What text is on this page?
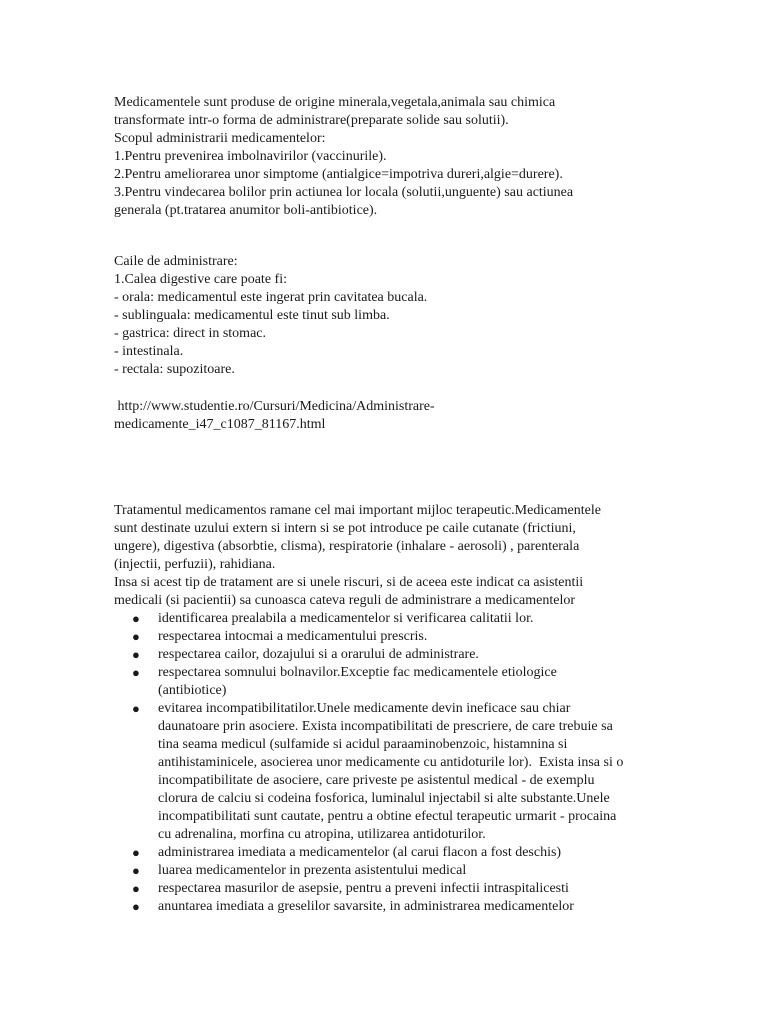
Medicamentele sunt produse de origine minerala,vegetala,animala sau chimica
transformate intr-o forma de administrare(preparate solide sau solutii).
Scopul administrarii medicamentelor:
1.Pentru prevenirea imbolnavirilor (vaccinurile).
2.Pentru ameliorarea unor simptome (antialgice=impotriva dureri,algie=durere).
3.Pentru vindecarea bolilor prin actiunea lor locala (solutii,unguente) sau actiunea
generala (pt.tratarea anumitor boli-antibiotice).
Caile de administrare:
1.Calea digestive care poate fi:
- orala: medicamentul este ingerat prin cavitatea bucala.
- sublinguala: medicamentul este tinut sub limba.
- gastrica: direct in stomac.
- intestinala.
- rectala: supozitoare.
http://www.studentie.ro/Cursuri/Medicina/Administrare-
medicamente_i47_c1087_81167.html
Tratamentul medicamentos ramane cel mai important mijloc terapeutic.Medicamentele
sunt destinate uzului extern si intern si se pot introduce pe caile cutanate (frictiuni,
ungere), digestiva (absorbtie, clisma), respiratorie (inhalare - aerosoli) , parenterala
(injectii, perfuzii), rahidiana.
Insa si acest tip de tratament are si unele riscuri, si de aceea este indicat ca asistentii
medicali (si pacientii) sa cunoasca cateva reguli de administrare a medicamentelor
● identificarea prealabila a medicamentelor si verificarea calitatii lor.
● respectarea intocmai a medicamentului prescris.
● respectarea cailor, dozajului si a orarului de administrare.
● respectarea somnului bolnavilor.Exceptie fac medicamentele etiologice
(antibiotice)
● evitarea incompatibilitatilor.Unele medicamente devin ineficace sau chiar
daunatoare prin asociere. Exista incompatibilitati de prescriere, de care trebuie sa
tina seama medicul (sulfamide si acidul paraaminobenzoic, histamnina si
antihistaminicele, asocierea unor medicamente cu antidoturile lor).  Exista insa si o
incompatibilitate de asociere, care priveste pe asistentul medical - de exemplu
clorura de calciu si codeina fosforica, luminalul injectabil si alte substante.Unele
incompatibilitati sunt cautate, pentru a obtine efectul terapeutic urmarit - procaina
cu adrenalina, morfina cu atropina, utilizarea antidoturilor.
● administrarea imediata a medicamentelor (al carui flacon a fost deschis)
● luarea medicamentelor in prezenta asistentului medical
● respectarea masurilor de asepsie, pentru a preveni infectii intraspitalicesti
● anuntarea imediata a greselilor savarsite, in administrarea medicamentelor
